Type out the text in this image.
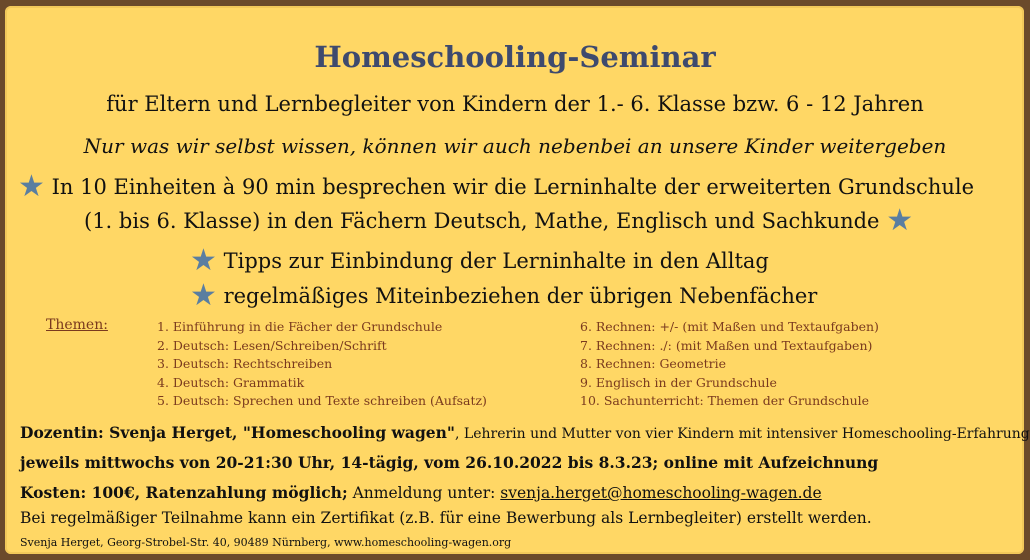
Homeschooling-Seminar
für Eltern und Lernbegleiter von Kindern der 1.- 6. Klasse bzw. 6 - 12 Jahren
Nur was wir selbst wissen, können wir auch nebenbei an unsere Kinder weitergeben
★ In 10 Einheiten à 90 min besprechen wir die Lerninhalte der erweiterten Grundschule
(1. bis 6. Klasse) in den Fächern Deutsch, Mathe, Englisch und Sachkunde ★
★ Tipps zur Einbindung der Lerninhalte in den Alltag
★ regelmäßiges Miteinbeziehen der übrigen Nebenfächer
Themen:	1. Einführung in die Fächer der Grundschule
2. Deutsch: Lesen/Schreiben/Schrift
3. Deutsch: Rechtschreiben
4. Deutsch: Grammatik
5. Deutsch: Sprechen und Texte schreiben (Aufsatz)
6. Rechnen: +/- (mit Maßen und Textaufgaben)
7. Rechnen: ./: (mit Maßen und Textaufgaben)
8. Rechnen: Geometrie
9. Englisch in der Grundschule
10. Sachunterricht: Themen der Grundschule
Dozentin: Svenja Herget, "Homeschooling wagen", Lehrerin und Mutter von vier Kindern mit intensiver Homeschooling-Erfahrung
jeweils mittwochs von 20-21:30 Uhr, 14-tägig, vom 26.10.2022 bis 8.3.23; online mit Aufzeichnung
Kosten: 100€, Ratenzahlung möglich; Anmeldung unter: svenja.herget@homeschooling-wagen.de
Bei regelmäßiger Teilnahme kann ein Zertifikat (z.B. für eine Bewerbung als Lernbegleiter) erstellt werden.
Svenja Herget, Georg-Strobel-Str. 40, 90489 Nürnberg, www.homeschooling-wagen.org
